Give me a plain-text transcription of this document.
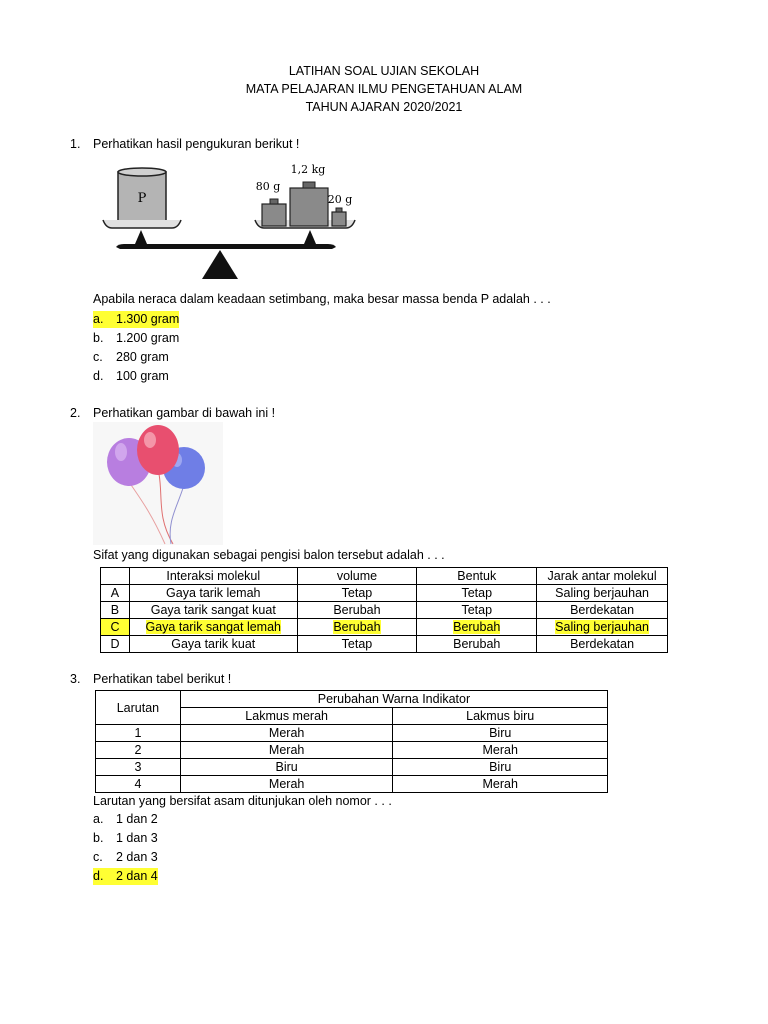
LATIHAN SOAL UJIAN SEKOLAH
MATA PELAJARAN ILMU PENGETAHUAN ALAM
TAHUN AJARAN 2020/2021
1.	Perhatikan hasil pengukuran berikut !
P
1,2 kg
80 g
20 g
Apabila neraca dalam keadaan setimbang, maka besar massa benda P adalah . . .
a. 1.300 gram
b. 1.200 gram
c. 280 gram
d. 100 gram
2.	Perhatikan gambar di bawah ini !
Sifat yang digunakan sebagai pengisi balon tersebut adalah . . .
	Interaksi molekul	volume	Bentuk	Jarak antar molekul
A	Gaya tarik lemah	Tetap	Tetap	Saling berjauhan
B	Gaya tarik sangat kuat	Berubah	Tetap	Berdekatan
C	Gaya tarik sangat lemah	Berubah	Berubah	Saling berjauhan
D	Gaya tarik kuat	Tetap	Berubah	Berdekatan
3.	Perhatikan tabel berikut !
Larutan	Perubahan Warna Indikator	
	Lakmus merah	Lakmus biru
1	Merah	Biru
2	Merah	Merah
3	Biru	Biru
4	Merah	Merah
Larutan yang bersifat asam ditunjukan oleh nomor . . .
a. 1 dan 2
b. 1 dan 3
c. 2 dan 3
d. 2 dan 4
